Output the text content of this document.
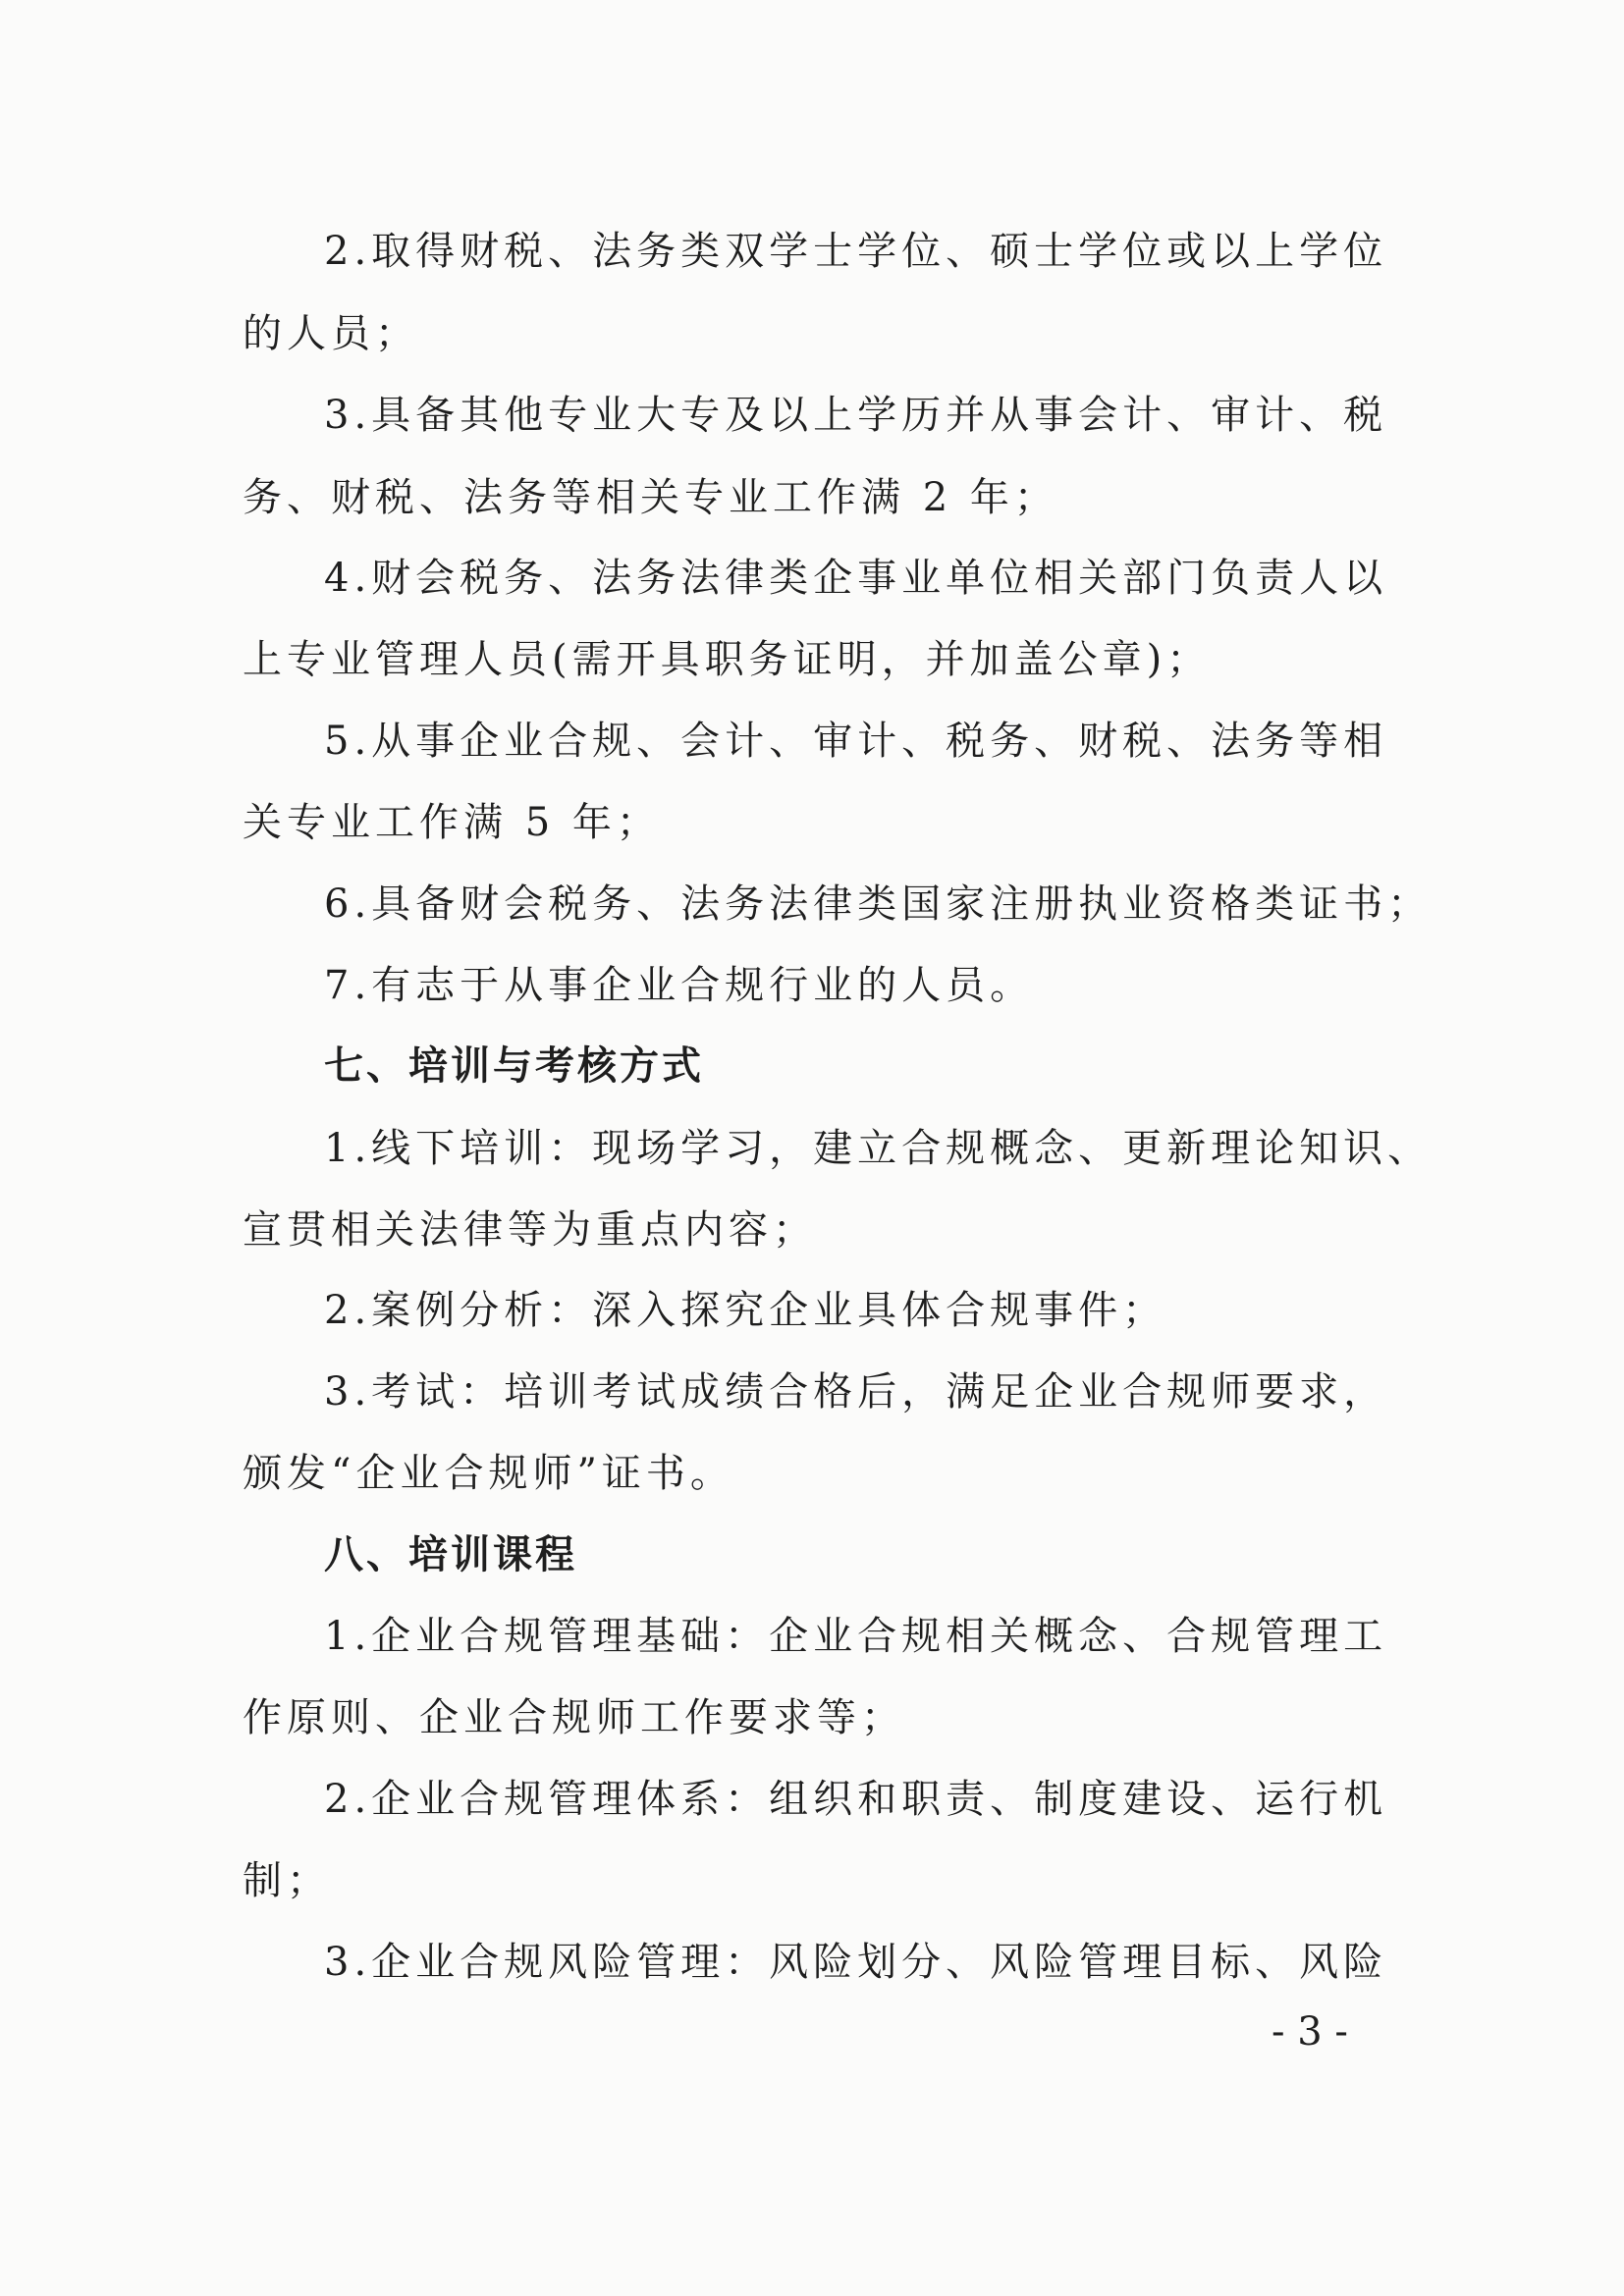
2.取得财税、法务类双学士学位、硕士学位或以上学位
的人员；
3.具备其他专业大专及以上学历并从事会计、审计、税
务、财税、法务等相关专业工作满 2 年；
4.财会税务、法务法律类企事业单位相关部门负责人以
上专业管理人员(需开具职务证明，并加盖公章)；
5.从事企业合规、会计、审计、税务、财税、法务等相
关专业工作满 5 年；
6.具备财会税务、法务法律类国家注册执业资格类证书；
7.有志于从事企业合规行业的人员。
七、培训与考核方式
1.线下培训：现场学习，建立合规概念、更新理论知识、
宣贯相关法律等为重点内容；
2.案例分析：深入探究企业具体合规事件；
3.考试：培训考试成绩合格后，满足企业合规师要求，
颁发“企业合规师”证书。
八、培训课程
1.企业合规管理基础：企业合规相关概念、合规管理工
作原则、企业合规师工作要求等；
2.企业合规管理体系：组织和职责、制度建设、运行机
制；
3.企业合规风险管理：风险划分、风险管理目标、风险
- 3 -
